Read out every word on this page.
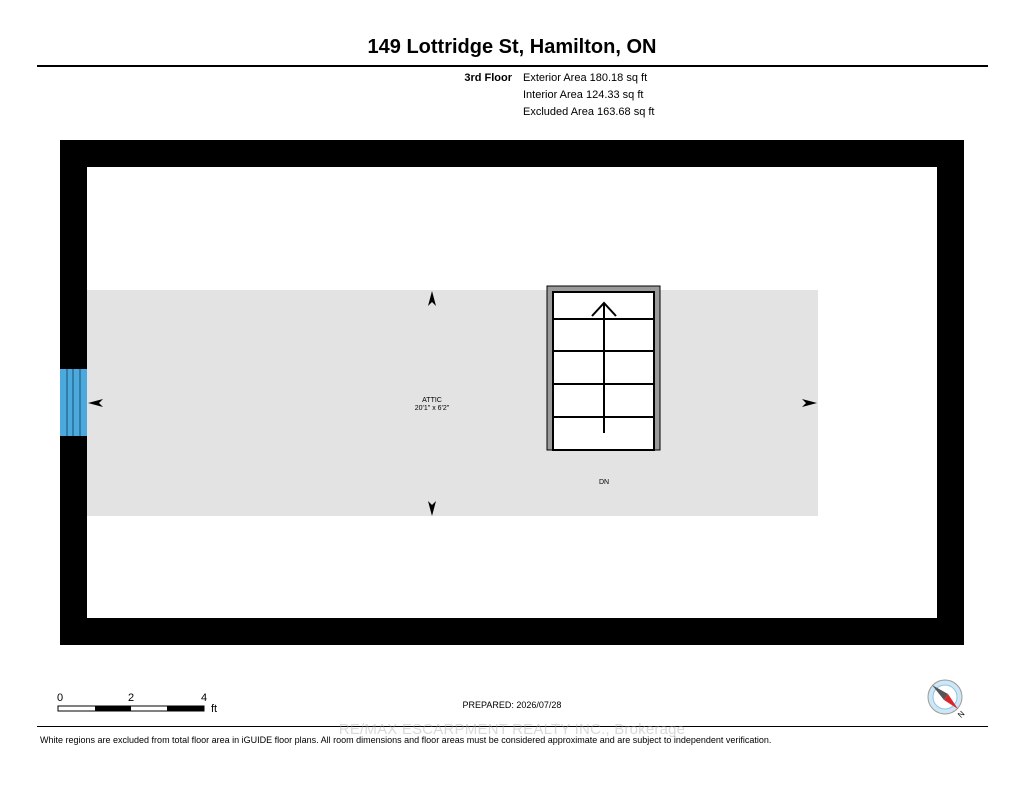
149 Lottridge St, Hamilton, ON
3rd Floor Exterior Area 180.18 sq ft
Interior Area 124.33 sq ft
Excluded Area 163.68 sq ft
ATTIC
20'1" x 6'2"
DN
0	2	4
ft	N
PREPARED: 2026/07/28
RE/MAX ESCARPMENT REALTY INC., Brokerage
White regions are excluded from total floor area in iGUIDE floor plans. All room dimensions and floor areas must be considered approximate and are subject to independent verification.
